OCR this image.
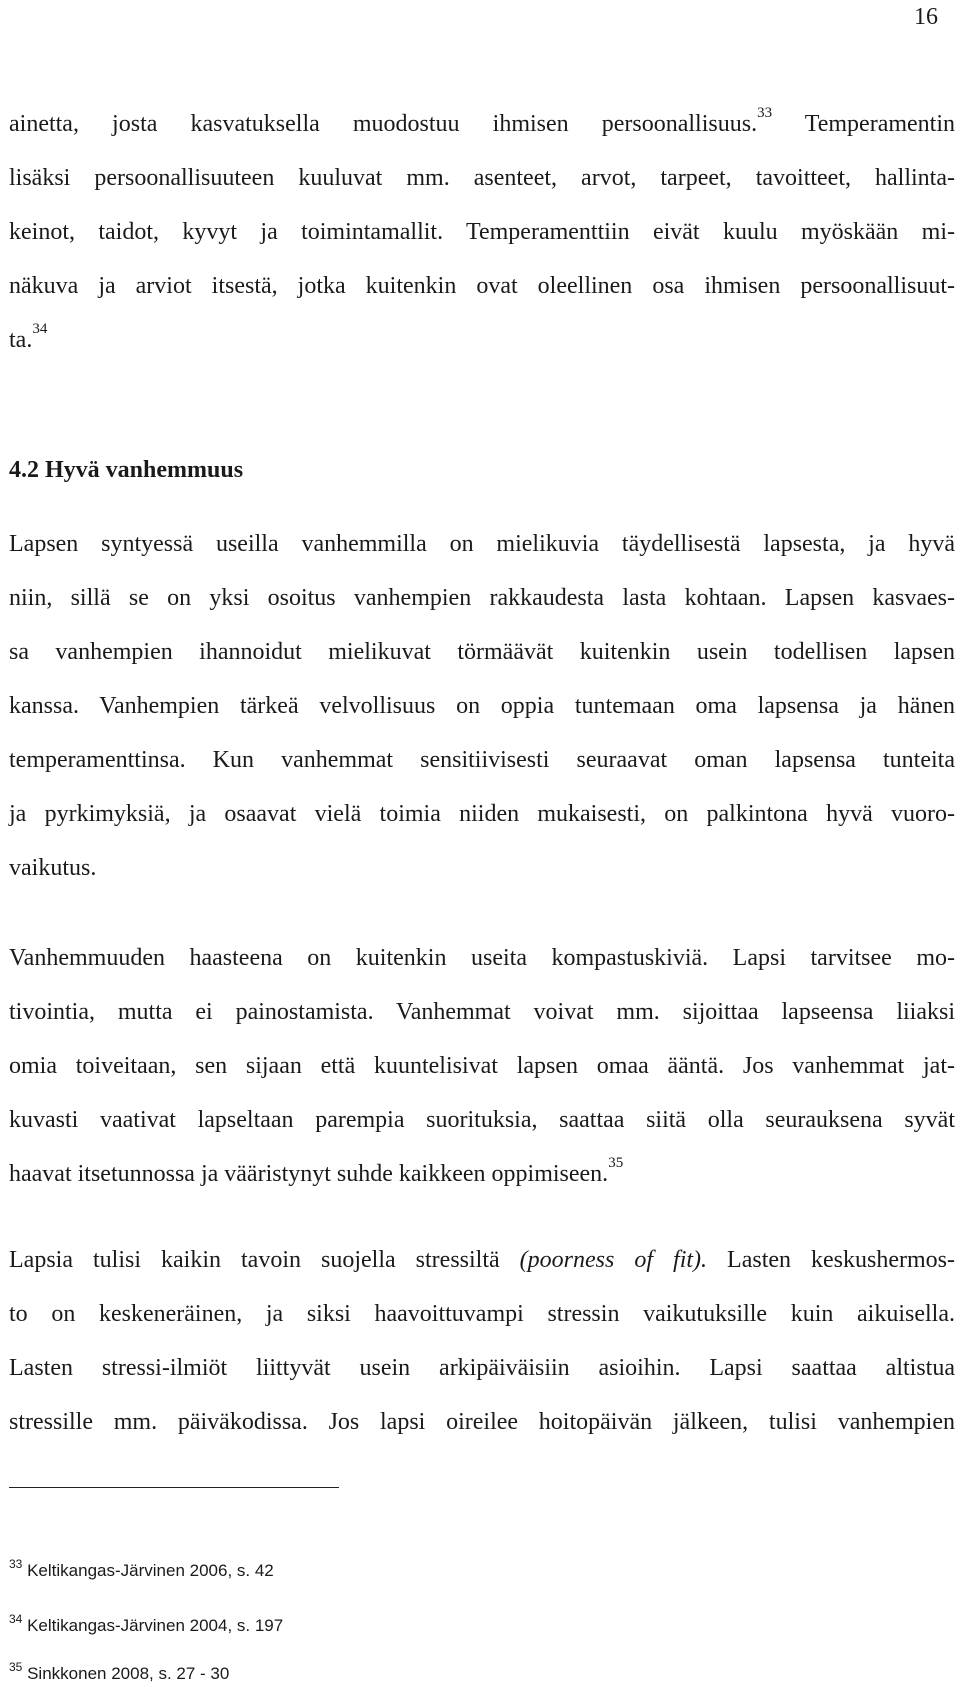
16
ainetta, josta kasvatuksella muodostuu ihmisen persoonallisuus.$^{33}$ Temperamentin
lisäksi persoonallisuuteen kuuluvat mm. asenteet, arvot, tarpeet, tavoitteet, hallinta-
keinot, taidot, kyvyt ja toimintamallit. Temperamenttiin eivät kuulu myöskään mi-
näkuva ja arviot itsestä, jotka kuitenkin ovat oleellinen osa ihmisen persoonallisuut-
ta.$^{34}$
4.2 Hyvä vanhemmuus
Lapsen syntyessä useilla vanhemmilla on mielikuvia täydellisestä lapsesta, ja hyvä
niin, sillä se on yksi osoitus vanhempien rakkaudesta lasta kohtaan. Lapsen kasvaes-
sa vanhempien ihannoidut mielikuvat törmäävät kuitenkin usein todellisen lapsen
kanssa. Vanhempien tärkeä velvollisuus on oppia tuntemaan oma lapsensa ja hänen
temperamenttinsa. Kun vanhemmat sensitiivisesti seuraavat oman lapsensa tunteita
ja pyrkimyksiä, ja osaavat vielä toimia niiden mukaisesti, on palkintona hyvä vuoro-
vaikutus.
Vanhemmuuden haasteena on kuitenkin useita kompastuskiviä. Lapsi tarvitsee mo-
tivointia, mutta ei painostamista. Vanhemmat voivat mm. sijoittaa lapseensa liiaksi
omia toiveitaan, sen sijaan että kuuntelisivat lapsen omaa ääntä. Jos vanhemmat jat-
kuvasti vaativat lapseltaan parempia suorituksia, saattaa siitä olla seurauksena syvät
haavat itsetunnossa ja vääristynyt suhde kaikkeen oppimiseen.$^{35}$
Lapsia tulisi kaikin tavoin suojella stressiltä (poorness of fit). Lasten keskushermos-
to on keskeneräinen, ja siksi haavoittuvampi stressin vaikutuksille kuin aikuisella.
Lasten stressi-ilmiöt liittyvät usein arkipäiväisiin asioihin. Lapsi saattaa altistua
stressille mm. päiväkodissa. Jos lapsi oireilee hoitopäivän jälkeen, tulisi vanhempien
$^{33}$ Keltikangas-Järvinen 2006, s. 42
$^{34}$ Keltikangas-Järvinen 2004, s. 197
$^{35}$ Sinkkonen 2008, s. 27 - 30
